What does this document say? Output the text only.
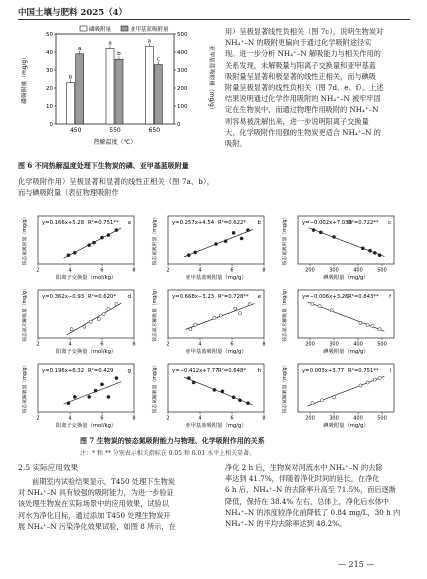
中国土壤与肥料 2025（4）
磷吸附量	亚甲基蓝吸附量
磷吸附量（mg/g）	亚甲基蓝吸附量（mg/g）
热解温度（℃）
0
10
20
30
40
50
0
100
200
300
400
500
450
b
a
550
a
b
650
a
c
图 6 不同热解温度处理下生物炭的磷、亚甲基蓝吸附量
化学吸附作用）呈极显著和显著的线性正相关（图 7a、b），而与碘吸附量（表征物理吸附作
用）呈极显著线性负相关（图 7c），说明生物炭对
NH₄⁺–N 的吸附更偏向于通过化学吸附途径实
现。进一步分析 NH₄⁺–N 解吸能力与相关作用的
关系发现，未解吸量与阳离子交换量和亚甲基蓝
吸附量呈显著和极显著的线性正相关，而与碘吸
附量呈极显著的线性负相关（图 7d、e、f）。上述
结果说明通过化学作用吸附的 NH₄⁺–N 被牢牢固
定在生物炭中，而通过物理作用吸附的 NH₄⁺–N
则容易被洗解出来，进一步说明阳离子交换量
大、化学吸附作用强的生物炭更适合 NH₄⁺–N 的
吸附。
y=0.166x+5.28 R²=0.751** a
铵态氮吸附量（mg/g）
阳离子交换量（mol/kg）
2	4	6	8
y=0.257x+4.54 R²=0.622* b
铵态氮吸附量（mg/g）
亚甲基蓝吸附量（mg/g）
2	4	6	8
y=−0.002x+7.039
R²=0.722** c
铵态氮吸附量（mg/g）
碘吸附量（mg/g）
200	300	400	500
y=0.362x−0.93 R²=0.620* d
铵态氮未解吸量（mg/g）
阳离子交换量（mol/kg）
2	4	6	8
y=0.668x−3.23 R²=0.728** e
铵态氮未解吸量（mg/g）
亚甲基蓝吸附量（mg/g）
2	4	6	8
y=−0.006x+3.26 R²=0.843** f
铵态氮未解吸量（mg/g）
碘吸附量（mg/g）
200	300	400	500
y=0.196x+6.32 R²=0.429	g
铵态氮解吸量（mg/g）
阳离子交换量（mol/kg）
2	4	6	8
y=−0.412x+7.77 R²=0.648* h
铵态氮解吸量（mg/g）
亚甲基蓝吸附量（mg/g）
2	4	6	8
y=0.003x+3.77 R²=0.751** i
铵态氮解吸量（mg/g）
碘吸附量（mg/g）
200	300	400	500
图 7 生物炭的铵态氮吸附能力与物理、化学吸附作用的关系
注：* 和 ** 分别表示相关指标在 0.05 和 0.01 水平上相关显著。
2.5 实际应用效果
前期室内试验结果显示，T450 处理下生物炭
对 NH₄⁺–N 具有较强的吸附能力，为进一步验证
该处理生物炭在实际场景中的应用效果，试验以
河水为净化目标，通过添加 T450 处理生物炭开
展 NH₄⁺–N 污染净化效果试验，如图 8 所示，在
净化 2 h 后，生物炭对河流水中 NH₄⁺–N 的去除
率达到 41.7%，伴随着净化时间的延长，在净化
6 h 后，NH₄⁺–N 的去除率升高至 71.5%，而后逐渐
降低，保持在 38.4% 左右，总体上，净化后水体中
NH₄⁺–N 的浓度较净化前降低了 0.84 mg/L，30 h 内
NH₄⁺–N 的平均去除率达到 48.2%。
— 215 —
